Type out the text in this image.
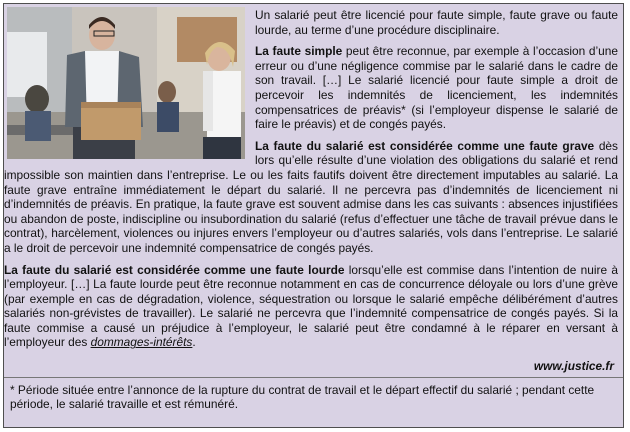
Un salarié peut être licencié pour faute simple, faute grave ou faute lourde, au terme d’une procédure disciplinaire.

La faute simple peut être reconnue, par exemple à l’occasion d’une erreur ou d’une négligence commise par le salarié dans le cadre de son travail. […] Le salarié licencié pour faute simple a droit de percevoir les indemnités de licenciement, les indemnités compensatrices de préavis* (si l’employeur dispense le salarié de faire le préavis) et de congés payés.

La faute du salarié est considérée comme une faute grave dès lors qu’elle résulte d’une violation des obligations du salarié et rend impossible son maintien dans l’entreprise. Le ou les faits fautifs doivent être directement imputables au salarié. La faute grave entraîne immédiatement le départ du salarié. Il ne percevra pas d’indemnités de licenciement ni d’indemnités de préavis. En pratique, la faute grave est souvent admise dans les cas suivants : absences injustifiées ou abandon de poste, indiscipline ou insubordination du salarié (refus d’effectuer une tâche de travail prévue dans le contrat), harcèlement, violences ou injures envers l’employeur ou d’autres salariés, vols dans l’entreprise. Le salarié a le droit de percevoir une indemnité compensatrice de congés payés.

La faute du salarié est considérée comme une faute lourde lorsqu’elle est commise dans l’intention de nuire à l’employeur. […] La faute lourde peut être reconnue notamment en cas de concurrence déloyale ou lors d’une grève (par exemple en cas de dégradation, violence, séquestration ou lorsque le salarié empêche délibérément d’autres salariés non-grévistes de travailler). Le salarié ne percevra que l’indemnité compensatrice de congés payés. Si la faute commise a causé un préjudice à l’employeur, le salarié peut être condamné à le réparer en versant à l’employeur des dommages-intérêts.

www.justice.fr
* Période située entre l’annonce de la rupture du contrat de travail et le départ effectif du salarié ; pendant cette période, le salarié travaille et est rémunéré.
